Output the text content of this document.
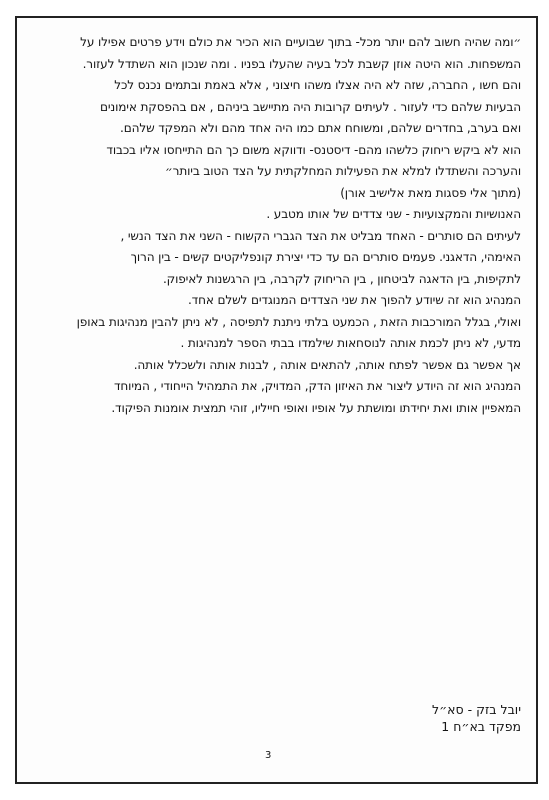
״ומה שהיה חשוב להם יותר מכל- בתוך שבועיים הוא הכיר את כולם וידע פרטים אפילו על
המשפחות. הוא היטה אוזן קשבת לכל בעיה שהעלו בפניו . ומה שנכון הוא השתדל לעזור.
והם חשו , החברה, שזה לא היה אצלו משהו חיצוני , אלא באמת ובתמים נכנס לכל
הבעיות שלהם כדי לעזור . לעיתים קרובות היה מתיישב ביניהם , אם בהפסקת אימונים
ואם בערב, בחדרים שלהם, ומשוחח אתם כמו היה אחד מהם ולא המפקד שלהם.
הוא לא ביקש ריחוק כלשהו מהם- דיסטנס- ודווקא משום כך הם התייחסו אליו בכבוד
והערכה והשתדלו למלא את הפעילות המחלקתית על הצד הטוב ביותר״
(מתוך אלי פסגות מאת אלישיב אורן)
האנושיות והמקצועיות - שני צדדים של אותו מטבע .
לעיתים הם סותרים - האחד מבליט את הצד הגברי הקשוח - השני את הצד הנשי ,
האימהי, הדאגני. פעמים סותרים הם עד כדי יצירת קונפליקטים קשים - בין הרוך
לתקיפות, בין הדאגה לביטחון , בין הריחוק לקרבה, בין הרגשנות לאיפוק.
המנהיג הוא זה שיודע להפוך את שני הצדדים המנוגדים לשלם אחד.
ואולי, בגלל המורכבות הזאת , הכמעט בלתי ניתנת לתפיסה , לא ניתן להבין מנהיגות באופן
מדעי, לא ניתן לכמת אותה לנוסחאות שילמדו בבתי הספר למנהיגות .
אך אפשר גם אפשר לפתח אותה, להתאים אותה , לבנות אותה ולשכלל אותה.
המנהיג הוא זה היודע ליצור את האיזון הדק, המדויק, את התמהיל הייחודי , המיוחד
המאפיין אותו ואת יחידתו ומושתת על אופיו ואופי חייליו, זוהי תמצית אומנות הפיקוד.
יובל בזק - סא״ל
מפקד בא״ח 1
3
